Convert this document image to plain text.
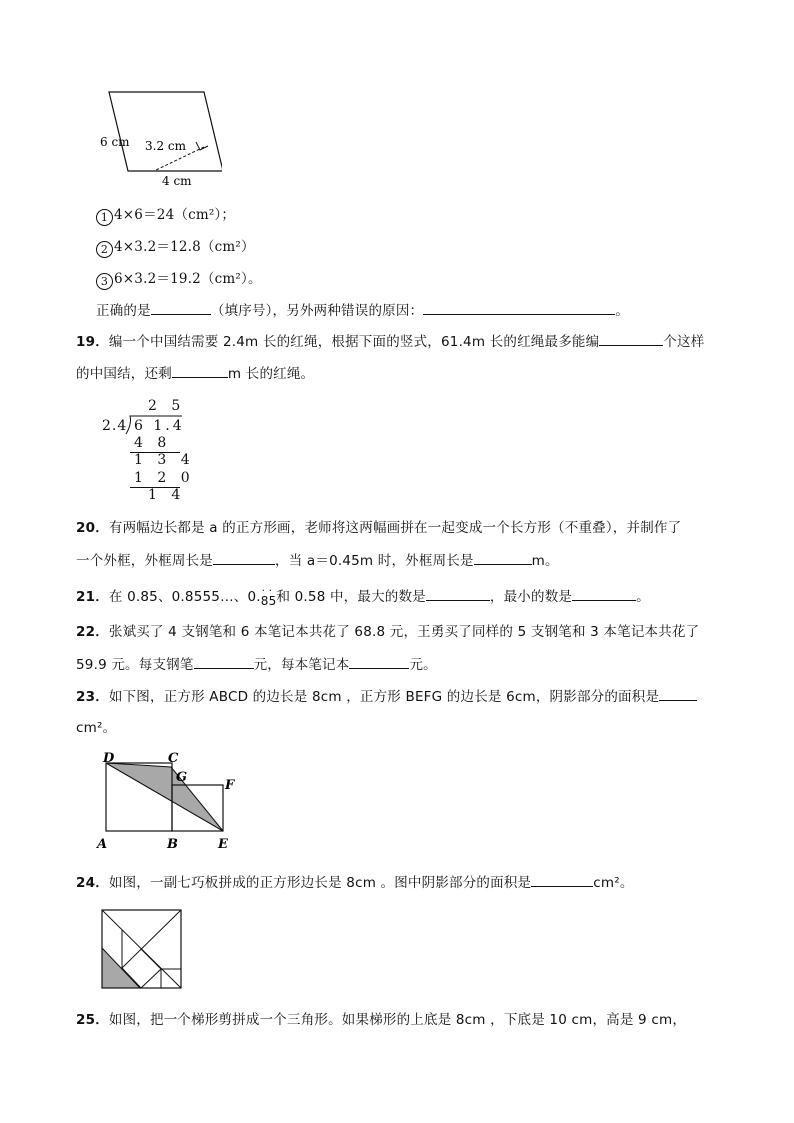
6 cm 3.2 cm
4 cm
1 4×6＝24（cm²）；
2 4×3.2＝12.8（cm²）
3 6×3.2＝19.2（cm²）。
正确的是	（填序号），另外两种错误的原因：	。
19．编一个中国结需要 2.4m 长的红绳，根据下面的竖式，61.4m 长的红绳最多能编	个这样
的中国结，还剩	m 长的红绳。
2 5
2.4 6 1.4
4 8
1 3 4
1 2 0
1 4
20．有两幅边长都是 a 的正方形画，老师将这两幅画拼在一起变成一个长方形（不重叠），并制作了
一个外框，外框周长是	，当 a＝0.45m 时，外框周长是	m。
21．在 0.85、0.8555…、0. · ·
85和 0.58 中，最大的数是	，最小的数是	。
22．张斌买了 4 支钢笔和 6 本笔记本共花了 68.8 元，王勇买了同样的 5 支钢笔和 3 本笔记本共花了
59.9 元。每支钢笔	元，每本笔记本	元。
23．如下图，正方形 ABCD 的边长是 8cm ，正方形 BEFG 的边长是 6cm，阴影部分的面积是
cm²。
D	C
G
F
A	B	E
24．如图，一副七巧板拼成的正方形边长是 8cm 。图中阴影部分的面积是	cm²。
25．如图，把一个梯形剪拼成一个三角形。如果梯形的上底是 8cm ，下底是 10 cm，高是 9 cm，
